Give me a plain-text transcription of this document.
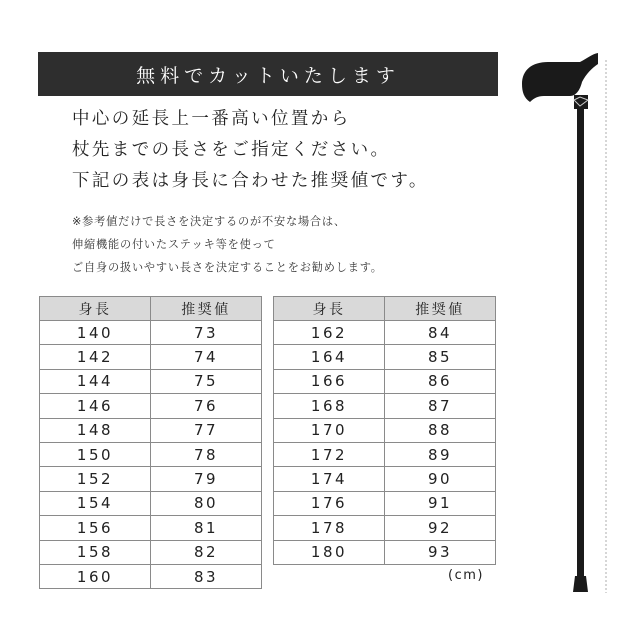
無料でカットいたします
中心の延長上一番高い位置から
杖先までの長さをご指定ください。
下記の表は身長に合わせた推奨値です。
※参考値だけで長さを決定するのが不安な場合は、
伸縮機能の付いたステッキ等を使って
ご自身の扱いやすい長さを決定することをお勧めします。
身長	推奨値
140	73
142	74
144	75
146	76
148	77
150	78
152	79
154	80
156	81
158	82
160	83
身長	推奨値
162	84
164	85
166	86
168	87
170	88
172	89
174	90
176	91
178	92
180	93
(cm)
